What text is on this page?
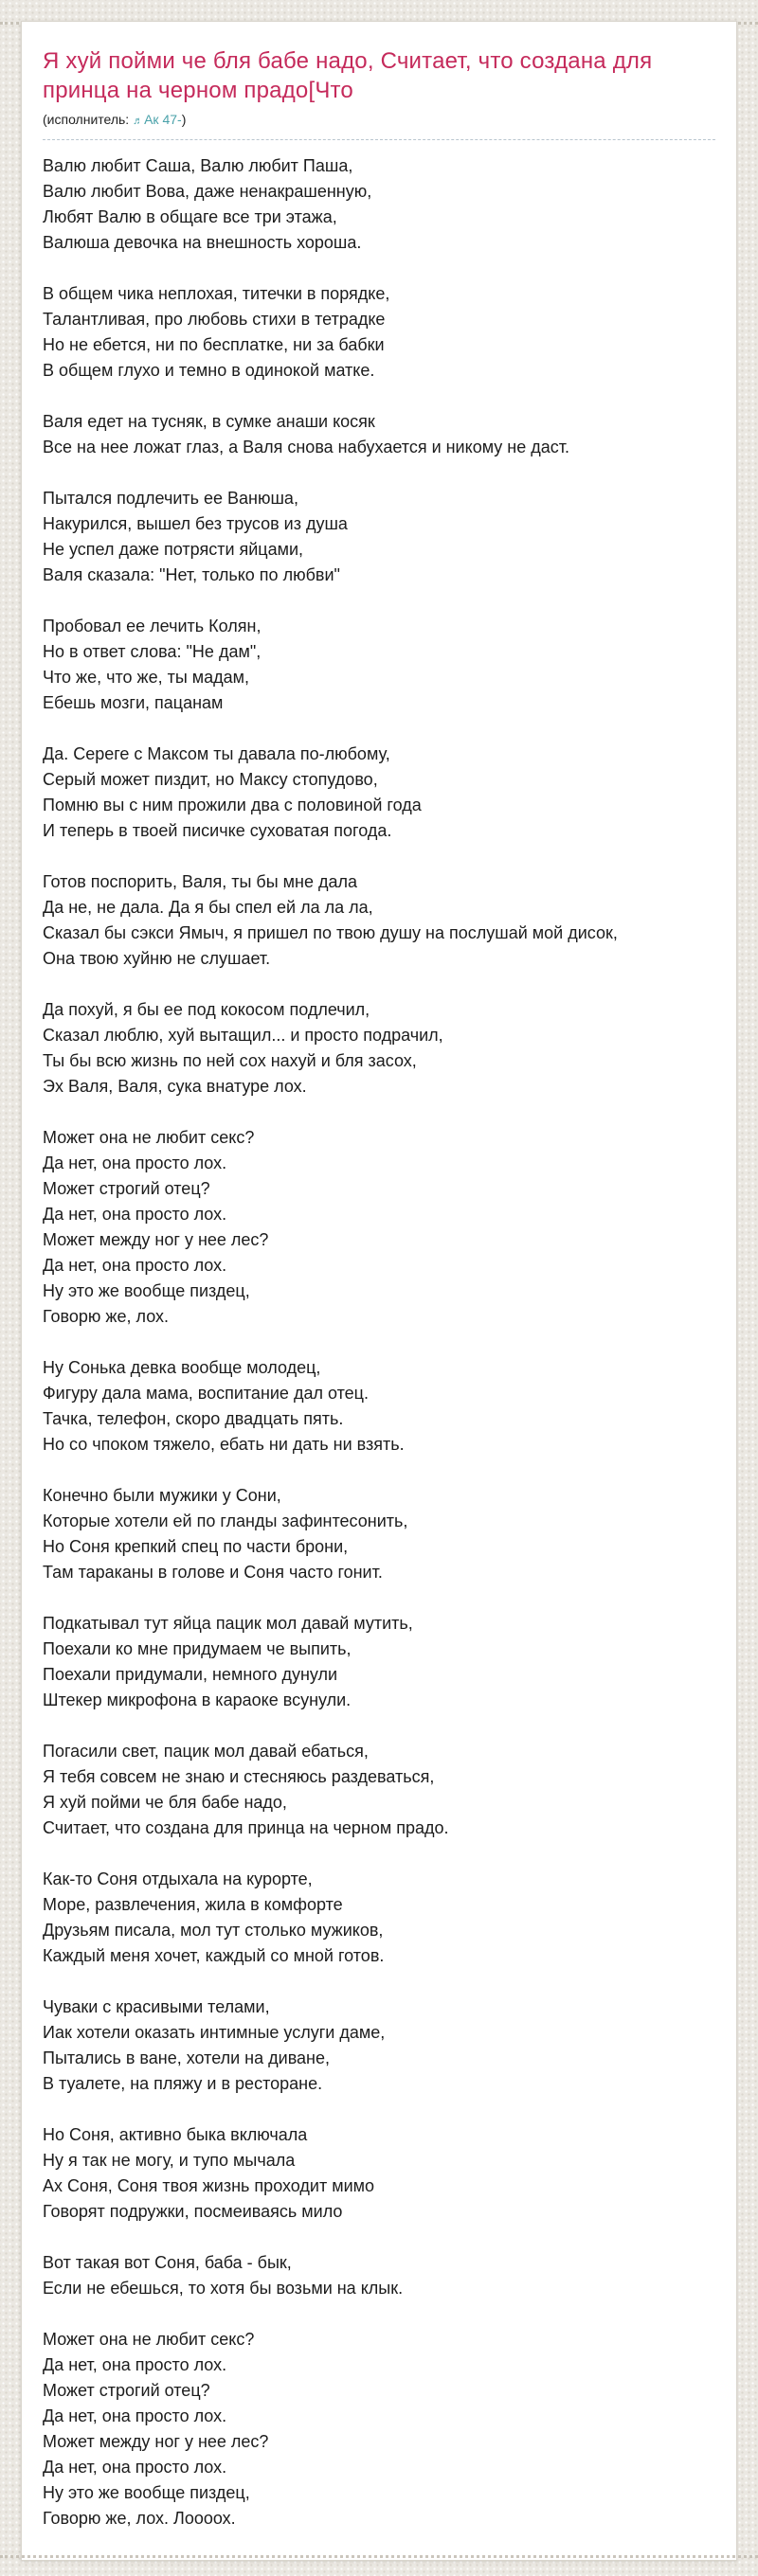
Я хуй пойми че бля бабе надо, Считает, что создана для принца на черном прадо[Что
(исполнитель: ♬Ак 47-)

Валю любит Саша, Валю любит Паша,
Валю любит Вова, даже ненакрашенную,
Любят Валю в общаге все три этажа,
Валюша девочка на внешность хороша.

В общем чика неплохая, титечки в порядке,
Талантливая, про любовь стихи в тетрадке
Но не ебется, ни по бесплатке, ни за бабки
В общем глухо и темно в одинокой матке.

Валя едет на тусняк, в сумке анаши косяк
Все на нее ложат глаз, а Валя снова набухается и никому не даст.

Пытался подлечить ее Ванюша,
Накурился, вышел без трусов из душа
Не успел даже потрясти яйцами,
Валя сказала: "Нет, только по любви"

Пробовал ее лечить Колян,
Но в ответ слова: "Не дам",
Что же, что же, ты мадам,
Ебешь мозги, пацанам

Да. Сереге с Максом ты давала по-любому,
Серый может пиздит, но Максу стопудово,
Помню вы с ним прожили два с половиной года
И теперь в твоей писичке суховатая погода.

Готов поспорить, Валя, ты бы мне дала
Да не, не дала. Да я бы спел ей ла ла ла,
Сказал бы сэкси Ямыч, я пришел по твою душу на послушай мой дисок,
Она твою хуйню не слушает.

Да похуй, я бы ее под кокосом подлечил,
Сказал люблю, хуй вытащил... и просто подрачил,
Ты бы всю жизнь по ней сох нахуй и бля засох,
Эх Валя, Валя, сука внатуре лох.

Может она не любит секс?
Да нет, она просто лох.
Может строгий отец?
Да нет, она просто лох.
Может между ног у нее лес?
Да нет, она просто лох.
Ну это же вообще пиздец,
Говорю же, лох.

Ну Сонька девка вообще молодец,
Фигуру дала мама, воспитание дал отец.
Тачка, телефон, скоро двадцать пять.
Но со чпоком тяжело, ебать ни дать ни взять.

Конечно были мужики у Сони,
Которые хотели ей по гланды зафинтесонить,
Но Соня крепкий спец по части брони,
Там тараканы в голове и Соня часто гонит.

Подкатывал тут яйца пацик мол давай мутить,
Поехали ко мне придумаем че выпить,
Поехали придумали, немного дунули
Штекер микрофона в караоке всунули.

Погасили свет, пацик мол давай ебаться,
Я тебя совсем не знаю и стесняюсь раздеваться,
Я хуй пойми че бля бабе надо,
Считает, что создана для принца на черном прадо.

Как-то Соня отдыхала на курорте,
Море, развлечения, жила в комфорте
Друзьям писала, мол тут столько мужиков,
Каждый меня хочет, каждый со мной готов.

Чуваки с красивыми телами,
Иак хотели оказать интимные услуги даме,
Пытались в ване, хотели на диване,
В туалете, на пляжу и в ресторане.

Но Соня, активно быка включала
Ну я так не могу, и тупо мычала
Ах Соня, Соня твоя жизнь проходит мимо
Говорят подружки, посмеиваясь мило

Вот такая вот Соня, баба - бык,
Если не ебешься, то хотя бы возьми на клык.

Может она не любит секс?
Да нет, она просто лох.
Может строгий отец?
Да нет, она просто лох.
Может между ног у нее лес?
Да нет, она просто лох.
Ну это же вообще пиздец,
Говорю же, лох. Лоооох.
